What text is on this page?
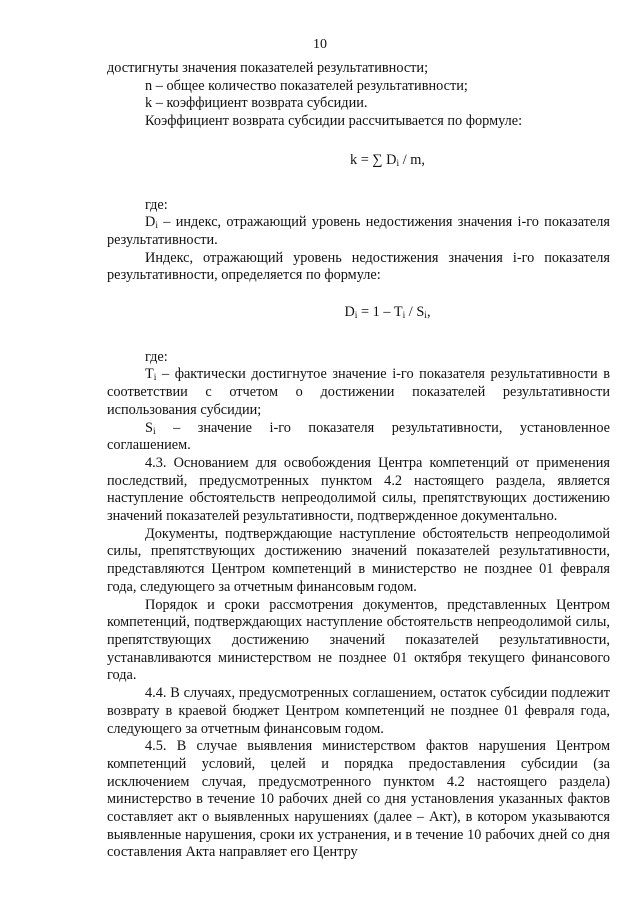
10

достигнуты значения показателей результативности;

n – общее количество показателей результативности;

k – коэффициент возврата субсидии.

Коэффициент возврата субсидии рассчитывается по формуле:

k = ∑ $D_i$ / m,

где:

$D_i$ – индекс, отражающий уровень недостижения значения i-го показателя результативности.

Индекс, отражающий уровень недостижения значения i-го показателя результативности, определяется по формуле:

$D_i = 1 - T_i / S_i$,

где:

$T_i$ – фактически достигнутое значение i-го показателя результативности в соответствии с отчетом о достижении показателей результативности использования субсидии;

$S_i$ – значение i-го показателя результативности, установленное соглашением.

4.3. Основанием для освобождения Центра компетенций от применения последствий, предусмотренных пунктом 4.2 настоящего раздела, является наступление обстоятельств непреодолимой силы, препятствующих достижению значений показателей результативности, подтвержденное документально.

Документы, подтверждающие наступление обстоятельств непреодолимой силы, препятствующих достижению значений показателей результативности, представляются Центром компетенций в министерство не позднее 01 февраля года, следующего за отчетным финансовым годом.

Порядок и сроки рассмотрения документов, представленных Центром компетенций, подтверждающих наступление обстоятельств непреодолимой силы, препятствующих достижению значений показателей результативности, устанавливаются министерством не позднее 01 октября текущего финансового года.

4.4. В случаях, предусмотренных соглашением, остаток субсидии подлежит возврату в краевой бюджет Центром компетенций не позднее 01 февраля года, следующего за отчетным финансовым годом.

4.5. В случае выявления министерством фактов нарушения Центром компетенций условий, целей и порядка предоставления субсидии (за исключением случая, предусмотренного пунктом 4.2 настоящего раздела) министерство в течение 10 рабочих дней со дня установления указанных фактов составляет акт о выявленных нарушениях (далее – Акт), в котором указываются выявленные нарушения, сроки их устранения, и в течение 10 рабочих дней со дня составления Акта направляет его Центру
